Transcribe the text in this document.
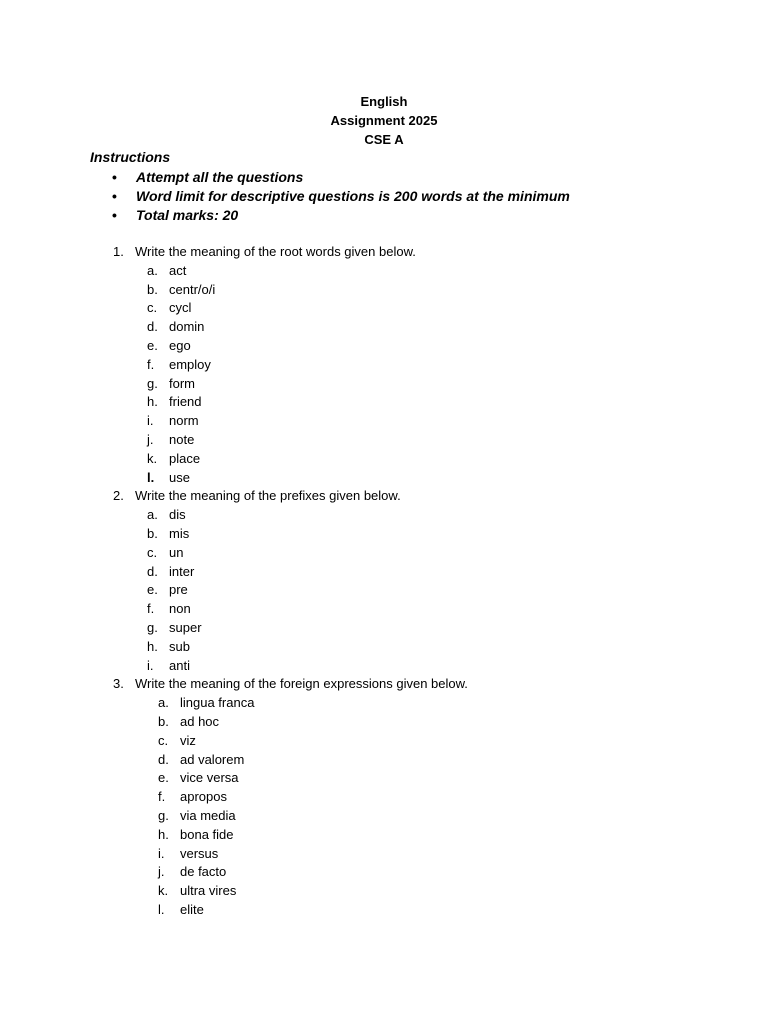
English
Assignment 2025
CSE A
Instructions
•	Attempt all the questions
•	Word limit for descriptive questions is 200 words at the minimum
•	Total marks: 20
1. Write the meaning of the root words given below.
a. act
b. centr/o/i
c. cycl
d. domin
e. ego
f.	employ
g. form
h. friend
i.	norm
j.	note
k. place
l.	use
2. Write the meaning of the prefixes given below.
a. dis
b. mis
c. un
d. inter
e. pre
f.	non
g. super
h. sub
i.	anti
3. Write the meaning of the foreign expressions given below.
a. lingua franca
b. ad hoc
c. viz
d. ad valorem
e. vice versa
f.	apropos
g. via media
h. bona fide
i.	versus
j.	de facto
k. ultra vires
l.	elite
